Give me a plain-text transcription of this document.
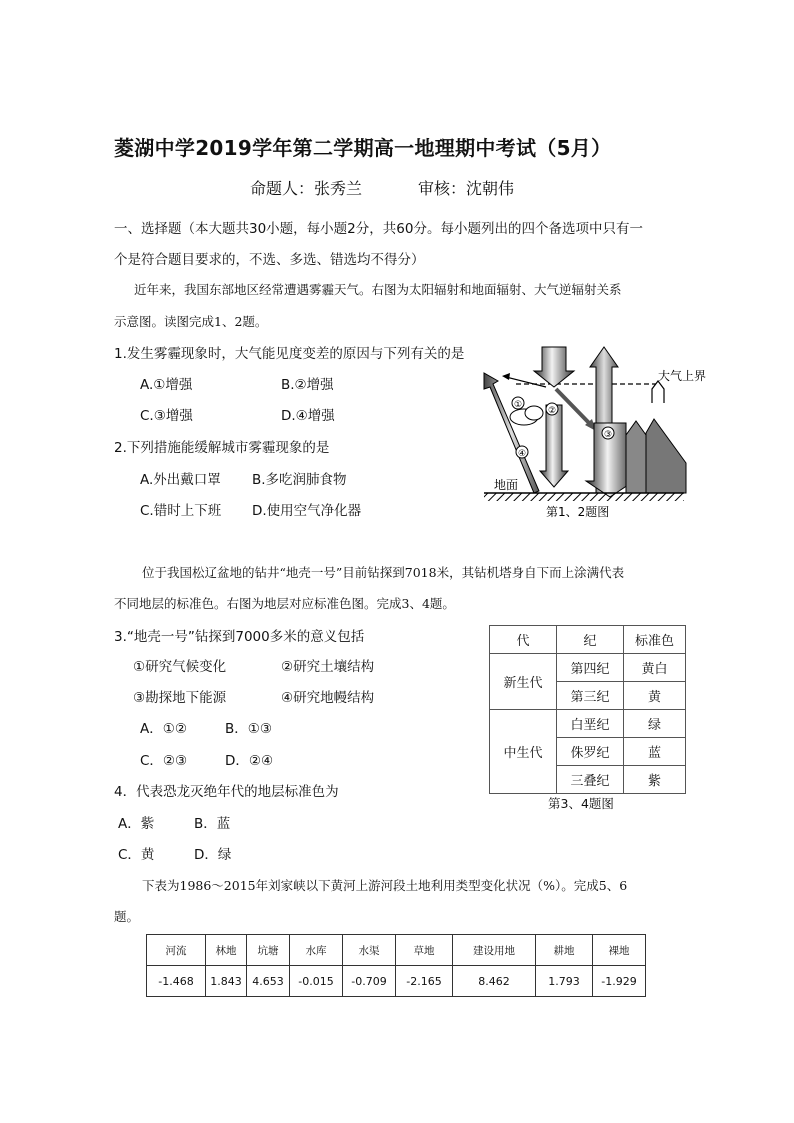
菱湖中学2019学年第二学期高一地理期中考试（5月）
命题人：张秀兰	审核：沈朝伟
一、选择题（本大题共30小题，每小题2分，共60分。每小题列出的四个备选项中只有一
个是符合题目要求的，不选、多选、错选均不得分）
近年来，我国东部地区经常遭遇雾霾天气。右图为太阳辐射和地面辐射、大气逆辐射关系
示意图。读图完成1、2题。
1.发生雾霾现象时，大气能见度变差的原因与下列有关的是
A.①增强	B.②增强
C.③增强	D.④增强
2.下列措施能缓解城市雾霾现象的是
A.外出戴口罩 B.多吃润肺食物
C.错时上下班 D.使用空气净化器
大气上界
②
①
④
③
地面
第1、2题图
位于我国松辽盆地的钻井“地壳一号”目前钻探到7018米，其钻机塔身自下而上涂满代表
不同地层的标准色。右图为地层对应标准色图。完成3、4题。
3.“地壳一号”钻探到7000多米的意义包括
①研究气候变化	②研究土壤结构
③勘探地下能源	④研究地幔结构
A．①②	B．①③
C．②③	D．②④
4．代表恐龙灭绝年代的地层标准色为
A．紫	B．蓝
C．黄	D．绿
代	纪	标准色
新生代	第四纪	黄白
	第三纪	黄
中生代	白垩纪	绿
	侏罗纪	蓝
	三叠纪	紫
第3、4题图
下表为1986～2015年刘家峡以下黄河上游河段土地利用类型变化状况（%）。完成5、6
题。
河流	林地	坑塘	水库	水渠	草地	建设用地	耕地	裸地
-1.468	1.843	4.653	-0.015	-0.709	-2.165	8.462	1.793	-1.929
